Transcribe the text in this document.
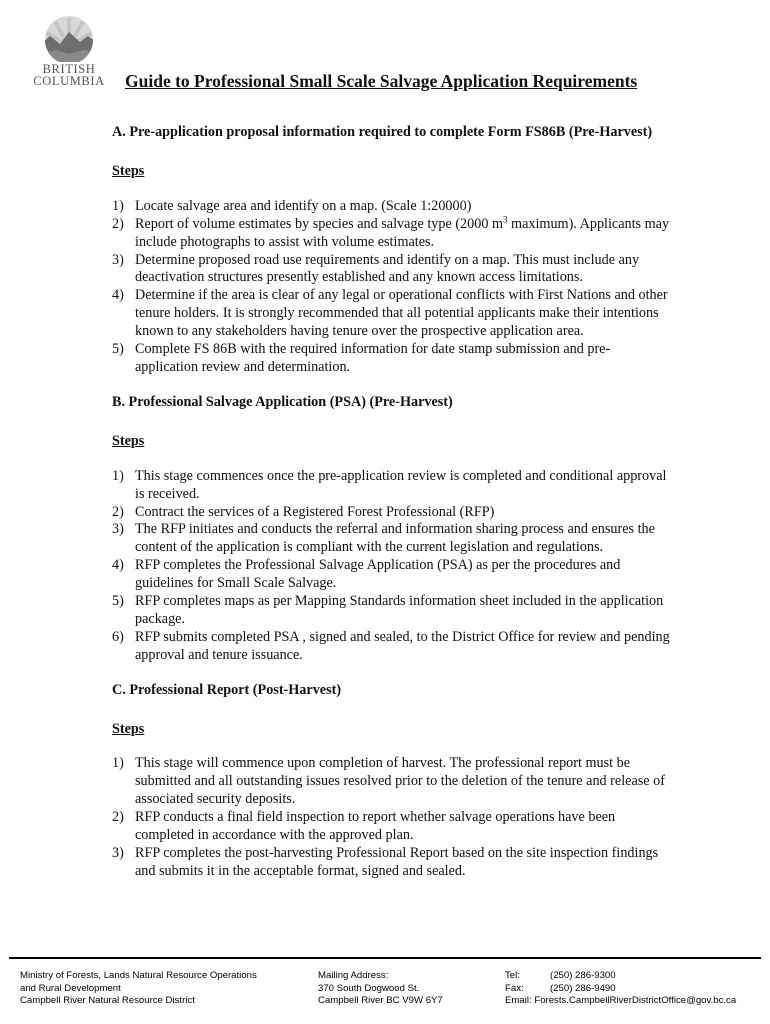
BRITISH
COLUMBIA	Guide to Professional Small Scale Salvage Application Requirements

A. Pre-application proposal information required to complete Form FS86B (Pre-Harvest)

Steps

1) Locate salvage area and identify on a map. (Scale 1:20000)
2) Report of volume estimates by species and salvage type (2000 $m^3$ maximum). Applicants may include photographs to assist with volume estimates.
3) Determine proposed road use requirements and identify on a map. This must include any deactivation structures presently established and any known access limitations.
4) Determine if the area is clear of any legal or operational conflicts with First Nations and other tenure holders. It is strongly recommended that all potential applicants make their intentions known to any stakeholders having tenure over the prospective application area.
5) Complete FS 86B with the required information for date stamp submission and pre-application review and determination.

B. Professional Salvage Application (PSA) (Pre-Harvest)

Steps

1) This stage commences once the pre-application review is completed and conditional approval is received.
2) Contract the services of a Registered Forest Professional (RFP)
3) The RFP initiates and conducts the referral and information sharing process and ensures the content of the application is compliant with the current legislation and regulations.
4) RFP completes the Professional Salvage Application (PSA) as per the procedures and guidelines for Small Scale Salvage.
5) RFP completes maps as per Mapping Standards information sheet included in the application package.
6) RFP submits completed PSA , signed and sealed, to the District Office for review and pending approval and tenure issuance.

C. Professional Report (Post-Harvest)

Steps

1) This stage will commence upon completion of harvest. The professional report must be submitted and all outstanding issues resolved prior to the deletion of the tenure and release of associated security deposits.
2) RFP conducts a final field inspection to report whether salvage operations have been completed in accordance with the approved plan.
3) RFP completes the post-harvesting Professional Report based on the site inspection findings and submits it in the acceptable format, signed and sealed.
Ministry of Forests, Lands Natural Resource Operations
and Rural Development
Campbell River Natural Resource District
Mailing Address:
370 South Dogwood St.
Campbell River BC V9W 6Y7
Tel:	(250) 286-9300
Fax:	(250) 286-9490
Email: Forests.CampbellRiverDistrictOffice@gov.bc.ca
